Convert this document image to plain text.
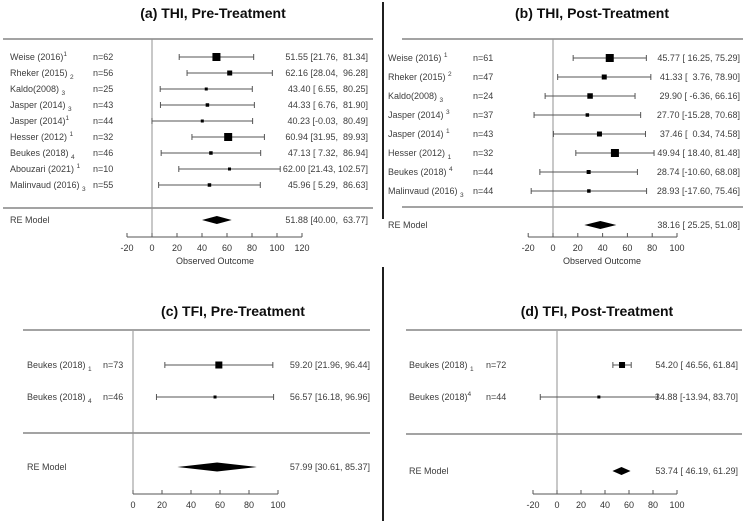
(a) THI, Pre-Treatment	(b) THI, Post-Treatment
(c) TFI, Pre-Treatment	(d) TFI, Post-Treatment
-20	0	20	40	60	80	100	120
Observed Outcome
Weise $(2016)^1$	n=62	51.55 [21.76,  81.34]
Rheker (2015) $_2$ n=56	62.16 [28.04,  96.28]
Kaldo(2008) $_3$	n=25	43.40 [ 6.55,  80.25]
Jasper (2014) $_3$ n=43	44.33 [ 6.76,  81.90]
Jasper $(2014)^1$	n=44	40.23 [-0.03,  80.49]
Hesser (2012) $^1$ n=32	60.94 [31.95,  89.93]
Beukes (2018) $_4$ n=46	47.13 [ 7.32,  86.94]
Abouzari (2021) $^1$ n=10	62.00 [21.43, 102.57]
Malinvaud (2016) $_3$ n=55	45.96 [ 5.29,  86.63]
RE Model	51.88 [40.00,  63.77]
-20	0	20	40	60	80	100
Observed Outcome
Weise (2016) $^1$	n=61	45.77 [ 16.25, 75.29]
Rheker (2015) $^2$ n=47	41.33 [  3.76, 78.90]
Kaldo(2008) $_3$	n=24	29.90 [ -6.36, 66.16]
Jasper (2014) $^3$	n=37	27.70 [-15.28, 70.68]
Jasper (2014) $^1$	n=43	37.46 [  0.34, 74.58]
Hesser (2012) $_1$ n=32	49.94 [ 18.40, 81.48]
Beukes (2018) $^4$ n=44	28.74 [-10.60, 68.08]
Malinvaud (2016) $_3$ n=44	28.93 [-17.60, 75.46]
RE Model	38.16 [ 25.25, 51.08]
0	20	40	60	80	100
Beukes (2018) $_1$ n=73	59.20 [21.96, 96.44]
Beukes (2018) $_4$ n=46	56.57 [16.18, 96.96]
RE Model	57.99 [30.61, 85.37]
-20	0	20	40	60	80	100
Beukes (2018) $_1$ n=72	54.20 [ 46.56, 61.84]
Beukes $(2018)^4$ n=44	34.88 [-13.94, 83.70]
RE Model	53.74 [ 46.19, 61.29]
